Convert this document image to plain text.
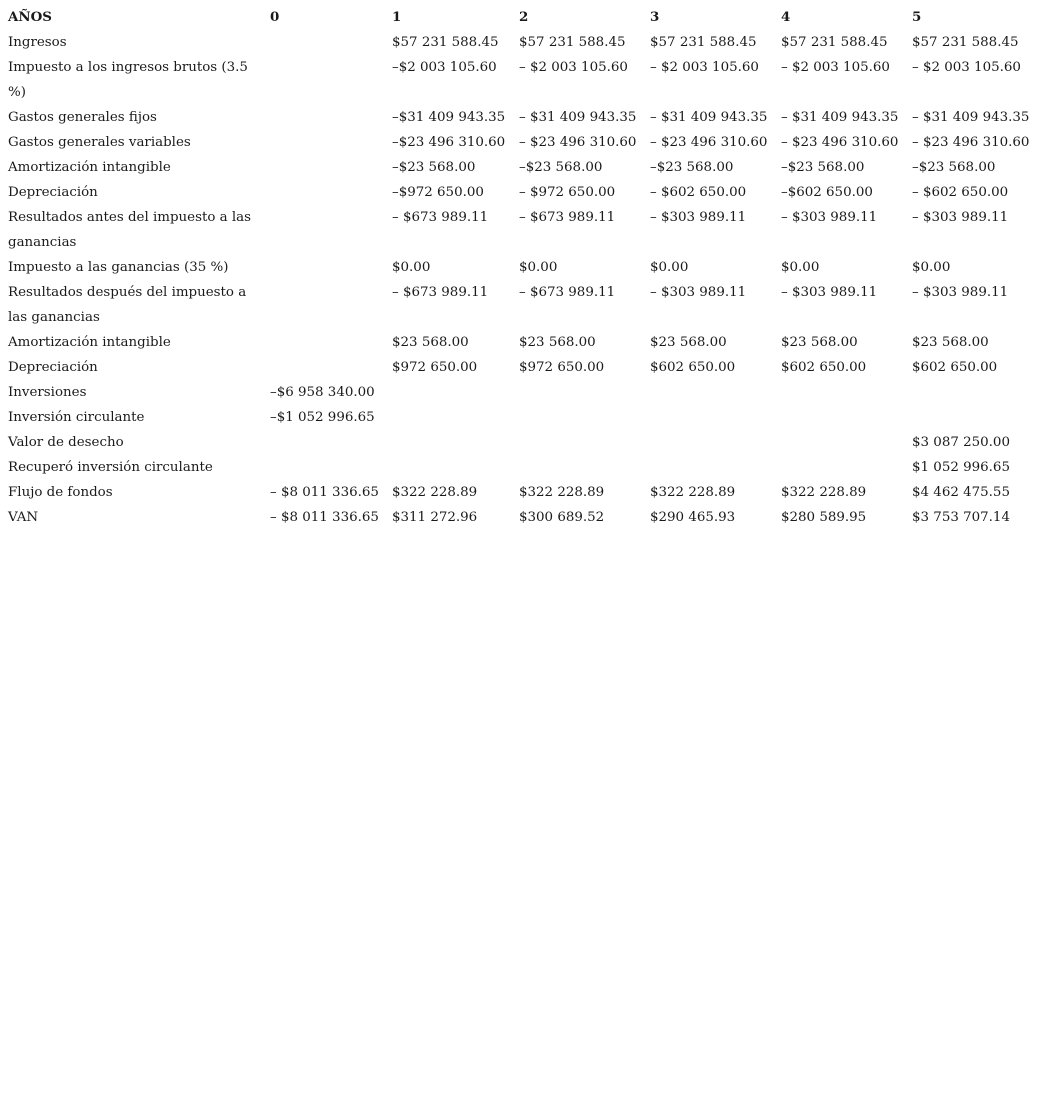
AÑOS	0	1	2	3	4	5
Ingresos		$57 231 588.45	$57 231 588.45	$57 231 588.45	$57 231 588.45	$57 231 588.45
Impuesto a los ingresos brutos (3.5 %)		–$2 003 105.60	– $2 003 105.60	– $2 003 105.60	– $2 003 105.60	– $2 003 105.60
Gastos generales fijos		–$31 409 943.35	– $31 409 943.35	– $31 409 943.35	– $31 409 943.35	– $31 409 943.35
Gastos generales variables		–$23 496 310.60	– $23 496 310.60	– $23 496 310.60	– $23 496 310.60	– $23 496 310.60
Amortización intangible		–$23 568.00	–$23 568.00	–$23 568.00	–$23 568.00	–$23 568.00
Depreciación		–$972 650.00	– $972 650.00	– $602 650.00	–$602 650.00	– $602 650.00
Resultados antes del impuesto a las ganancias		– $673 989.11	– $673 989.11	– $303 989.11	– $303 989.11	– $303 989.11
Impuesto a las ganancias (35 %)		$0.00	$0.00	$0.00	$0.00	$0.00
Resultados después del impuesto a las ganancias		– $673 989.11	– $673 989.11	– $303 989.11	– $303 989.11	– $303 989.11
Amortización intangible		$23 568.00	$23 568.00	$23 568.00	$23 568.00	$23 568.00
Depreciación		$972 650.00	$972 650.00	$602 650.00	$602 650.00	$602 650.00
Inversiones	–$6 958 340.00					
Inversión circulante	–$1 052 996.65					
Valor de desecho						$3 087 250.00
Recuperó inversión circulante						$1 052 996.65
Flujo de fondos	– $8 011 336.65	$322 228.89	$322 228.89	$322 228.89	$322 228.89	$4 462 475.55
VAN	– $8 011 336.65	$311 272.96	$300 689.52	$290 465.93	$280 589.95	$3 753 707.14
